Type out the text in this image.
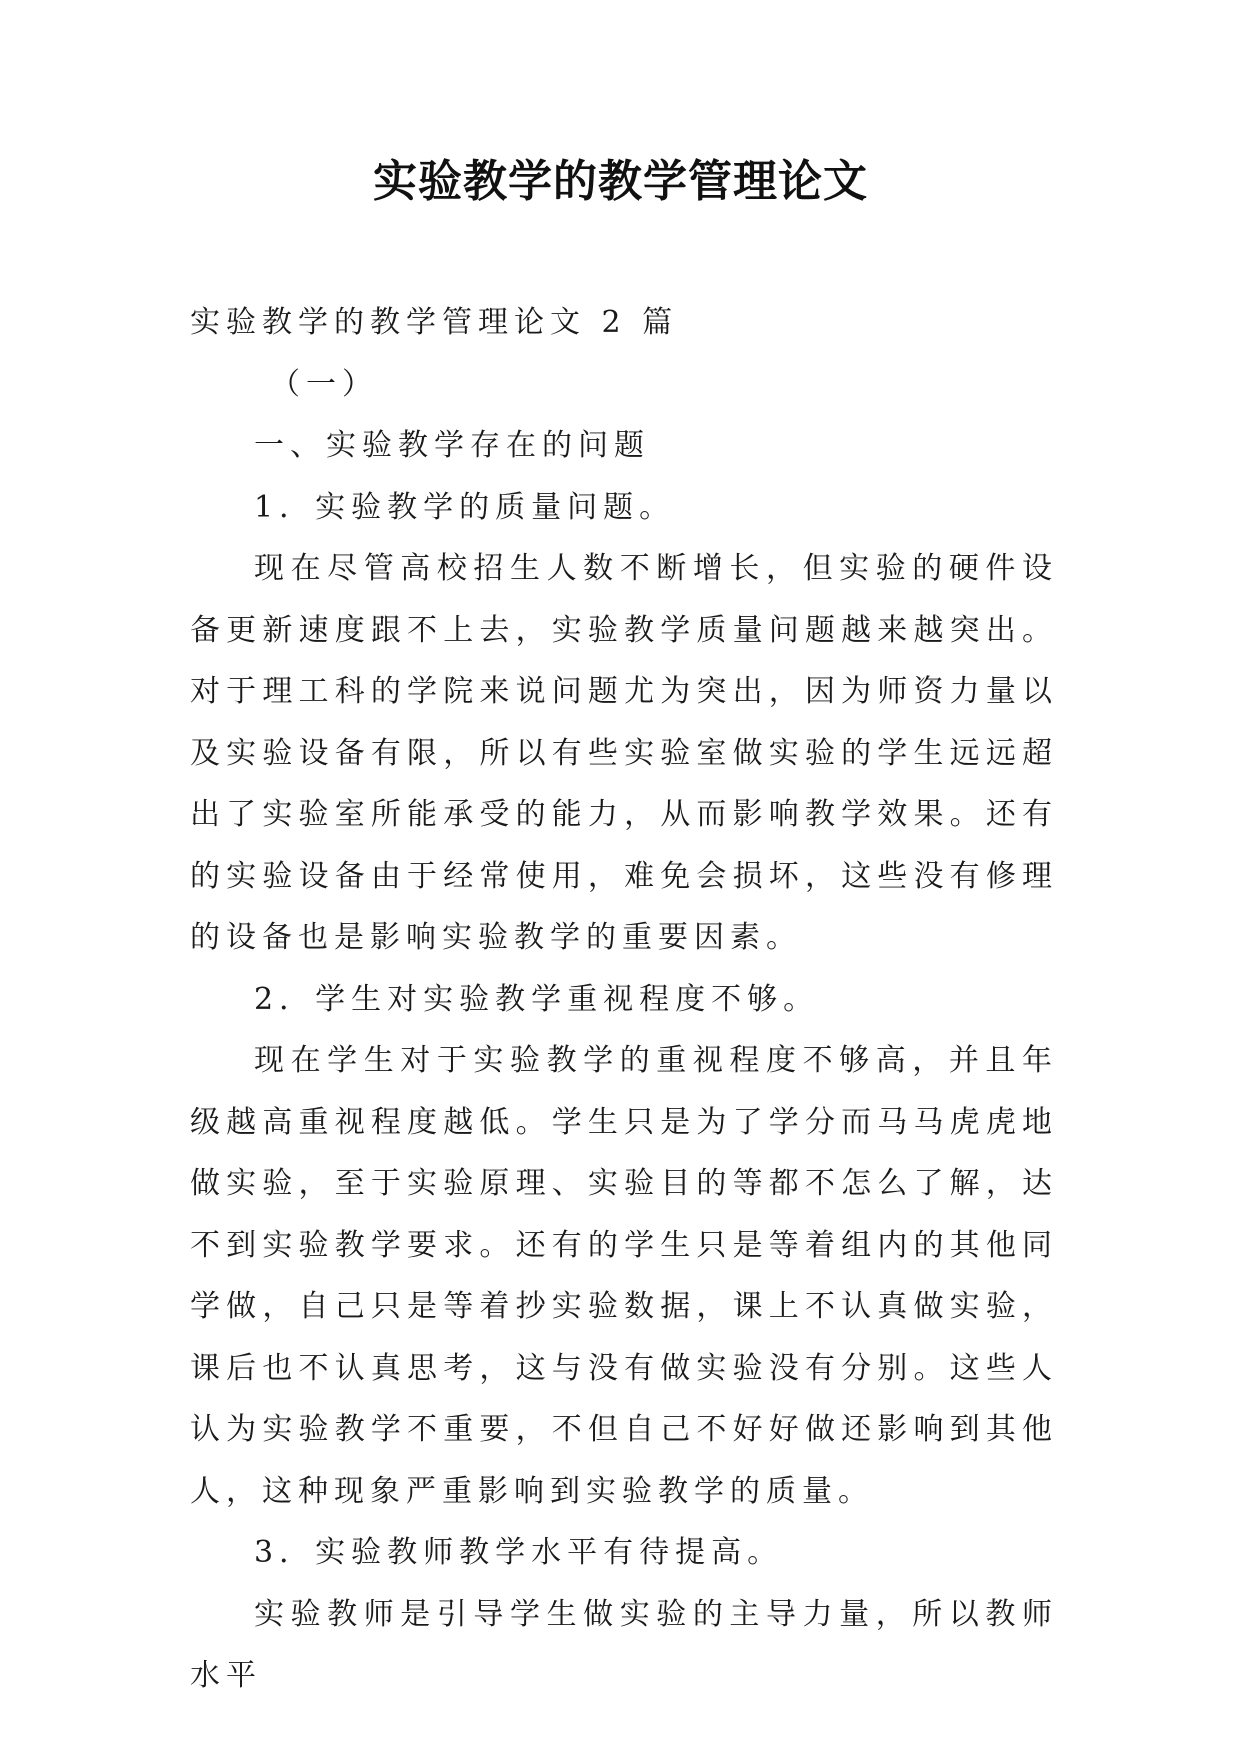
实验教学的教学管理论文

实验教学的教学管理论文 2 篇

（一）

一、实验教学存在的问题

1．实验教学的质量问题。

现在尽管高校招生人数不断增长，但实验的硬件设备更新速度跟不上去，实验教学质量问题越来越突出。对于理工科的学院来说问题尤为突出，因为师资力量以及实验设备有限，所以有些实验室做实验的学生远远超出了实验室所能承受的能力，从而影响教学效果。还有的实验设备由于经常使用，难免会损坏，这些没有修理的设备也是影响实验教学的重要因素。

2．学生对实验教学重视程度不够。

现在学生对于实验教学的重视程度不够高，并且年级越高重视程度越低。学生只是为了学分而马马虎虎地做实验，至于实验原理、实验目的等都不怎么了解，达不到实验教学要求。还有的学生只是等着组内的其他同学做，自己只是等着抄实验数据，课上不认真做实验，课后也不认真思考，这与没有做实验没有分别。这些人认为实验教学不重要，不但自己不好好做还影响到其他人，这种现象严重影响到实验教学的质量。

3．实验教师教学水平有待提高。

实验教师是引导学生做实验的主导力量，所以教师水平
